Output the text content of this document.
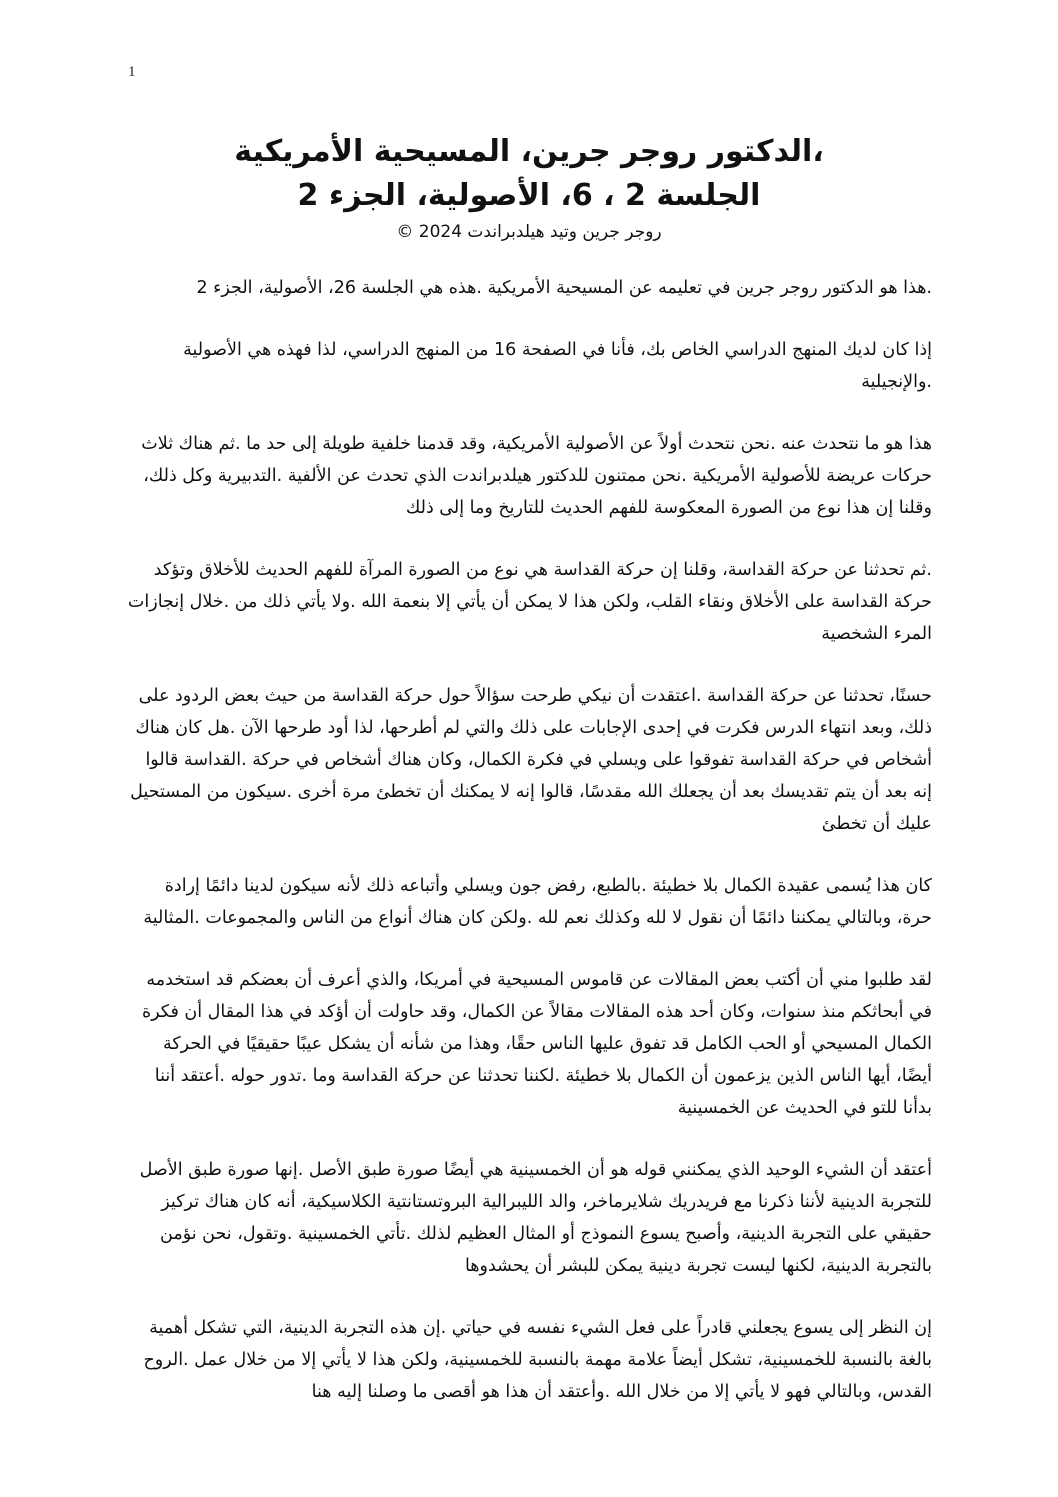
1

،الدكتور روجر جرين، المسيحية الأمريكية

الجلسة 2 ، 6، الأصولية، الجزء 2

روجر جرين وتيد هيلدبراندت 2024 ©

.هذا هو الدكتور روجر جرين في تعليمه عن المسيحية الأمريكية .هذه هي الجلسة 26، الأصولية، الجزء 2

إذا كان لديك المنهج الدراسي الخاص بك، فأنا في الصفحة 16 من المنهج الدراسي، لذا فهذه هي الأصولية .والإنجيلية

هذا هو ما نتحدث عنه .نحن نتحدث أولاً عن الأصولية الأمريكية، وقد قدمنا خلفية طويلة إلى حد ما .ثم هناك ثلاث حركات عريضة للأصولية الأمريكية .نحن ممتنون للدكتور هيلدبراندت الذي تحدث عن الألفية .التدبيرية وكل ذلك، وقلنا إن هذا نوع من الصورة المعكوسة للفهم الحديث للتاريخ وما إلى ذلك

.ثم تحدثنا عن حركة القداسة، وقلنا إن حركة القداسة هي نوع من الصورة المرآة للفهم الحديث للأخلاق وتؤكد حركة القداسة على الأخلاق ونقاء القلب، ولكن هذا لا يمكن أن يأتي إلا بنعمة الله .ولا يأتي ذلك من .خلال إنجازات المرء الشخصية

حسنًا، تحدثنا عن حركة القداسة .اعتقدت أن نيكي طرحت سؤالاً حول حركة القداسة من حيث بعض الردود على ذلك، وبعد انتهاء الدرس فكرت في إحدى الإجابات على ذلك والتي لم أطرحها، لذا أود طرحها الآن .هل كان هناك أشخاص في حركة القداسة تفوقوا على ويسلي في فكرة الكمال، وكان هناك أشخاص في حركة .القداسة قالوا إنه بعد أن يتم تقديسك بعد أن يجعلك الله مقدسًا، قالوا إنه لا يمكنك أن تخطئ مرة أخرى .سيكون من المستحيل عليك أن تخطئ

كان هذا يُسمى عقيدة الكمال بلا خطيئة .بالطبع، رفض جون ويسلي وأتباعه ذلك لأنه سيكون لدينا دائمًا إرادة حرة، وبالتالي يمكننا دائمًا أن نقول لا لله وكذلك نعم لله .ولكن كان هناك أنواع من الناس والمجموعات .المثالية

لقد طلبوا مني أن أكتب بعض المقالات عن قاموس المسيحية في أمريكا، والذي أعرف أن بعضكم قد استخدمه في أبحاثكم منذ سنوات، وكان أحد هذه المقالات مقالاً عن الكمال، وقد حاولت أن أؤكد في هذا المقال أن فكرة الكمال المسيحي أو الحب الكامل قد تفوق عليها الناس حقًا، وهذا من شأنه أن يشكل عيبًا حقيقيًا في الحركة أيضًا، أيها الناس الذين يزعمون أن الكمال بلا خطيئة .لكننا تحدثنا عن حركة القداسة وما .تدور حوله .أعتقد أننا بدأنا للتو في الحديث عن الخمسينية

أعتقد أن الشيء الوحيد الذي يمكنني قوله هو أن الخمسينية هي أيضًا صورة طبق الأصل .إنها صورة طبق الأصل للتجربة الدينية لأننا ذكرنا مع فريدريك شلايرماخر، والد الليبرالية البروتستانتية الكلاسيكية، أنه كان هناك تركيز حقيقي على التجربة الدينية، وأصبح يسوع النموذج أو المثال العظيم لذلك .تأتي الخمسينية .وتقول، نحن نؤمن بالتجربة الدينية، لكنها ليست تجربة دينية يمكن للبشر أن يحشدوها

إن النظر إلى يسوع يجعلني قادراً على فعل الشيء نفسه في حياتي .إن هذه التجربة الدينية، التي تشكل أهمية بالغة بالنسبة للخمسينية، تشكل أيضاً علامة مهمة بالنسبة للخمسينية، ولكن هذا لا يأتي إلا من خلال عمل .الروح القدس، وبالتالي فهو لا يأتي إلا من خلال الله .وأعتقد أن هذا هو أقصى ما وصلنا إليه هنا
